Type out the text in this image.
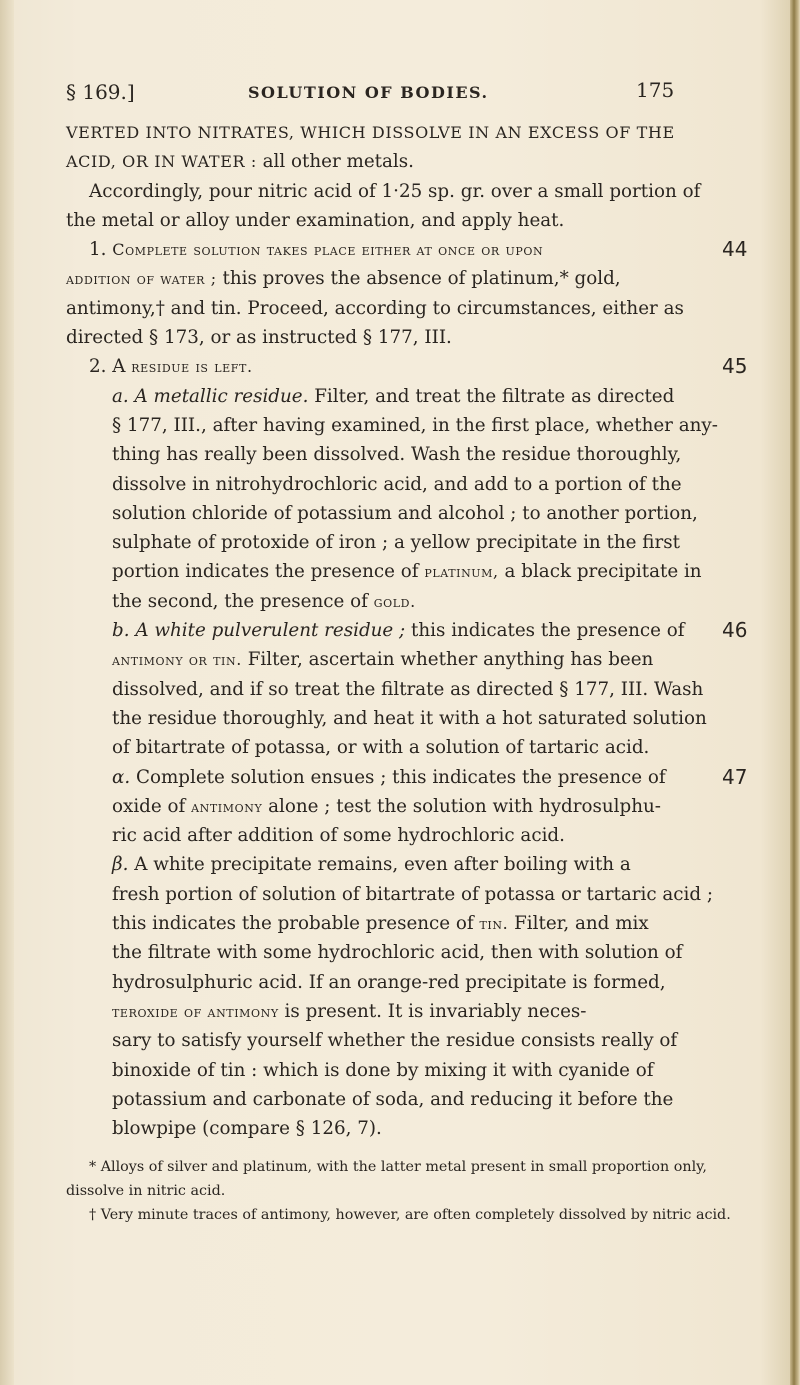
§ 169.]	SOLUTION OF BODIES.	175
VERTED INTO NITRATES, WHICH DISSOLVE IN AN EXCESS OF THE
ACID, OR IN WATER : all other metals.
Accordingly, pour nitric acid of 1·25 sp. gr. over a small portion of
the metal or alloy under examination, and apply heat.
1. Complete solution takes place either at once or upon	44
addition of water ; this proves the absence of platinum,* gold,
antimony,† and tin. Proceed, according to circumstances, either as
directed § 173, or as instructed § 177, III.
2. A residue is left.	45
a. A metallic residue. Filter, and treat the filtrate as directed
§ 177, III., after having examined, in the first place, whether any-
thing has really been dissolved. Wash the residue thoroughly,
dissolve in nitrohydrochloric acid, and add to a portion of the
solution chloride of potassium and alcohol ; to another portion,
sulphate of protoxide of iron ; a yellow precipitate in the first
portion indicates the presence of platinum, a black precipitate in
the second, the presence of gold.
b. A white pulverulent residue ; this indicates the presence of 46
antimony or tin. Filter, ascertain whether anything has been
dissolved, and if so treat the filtrate as directed § 177, III. Wash
the residue thoroughly, and heat it with a hot saturated solution
of bitartrate of potassa, or with a solution of tartaric acid.
α. Complete solution ensues ; this indicates the presence of	47
oxide of antimony alone ; test the solution with hydrosulphu-
ric acid after addition of some hydrochloric acid.
β. A white precipitate remains, even after boiling with a
fresh portion of solution of bitartrate of potassa or tartaric acid ;
this indicates the probable presence of tin. Filter, and mix
the filtrate with some hydrochloric acid, then with solution of
hydrosulphuric acid. If an orange-red precipitate is formed,
teroxide of antimony is present. It is invariably neces-
sary to satisfy yourself whether the residue consists really of
binoxide of tin : which is done by mixing it with cyanide of
potassium and carbonate of soda, and reducing it before the
blowpipe (compare § 126, 7).
* Alloys of silver and platinum, with the latter metal present in small proportion only,
dissolve in nitric acid.
† Very minute traces of antimony, however, are often completely dissolved by nitric acid.
